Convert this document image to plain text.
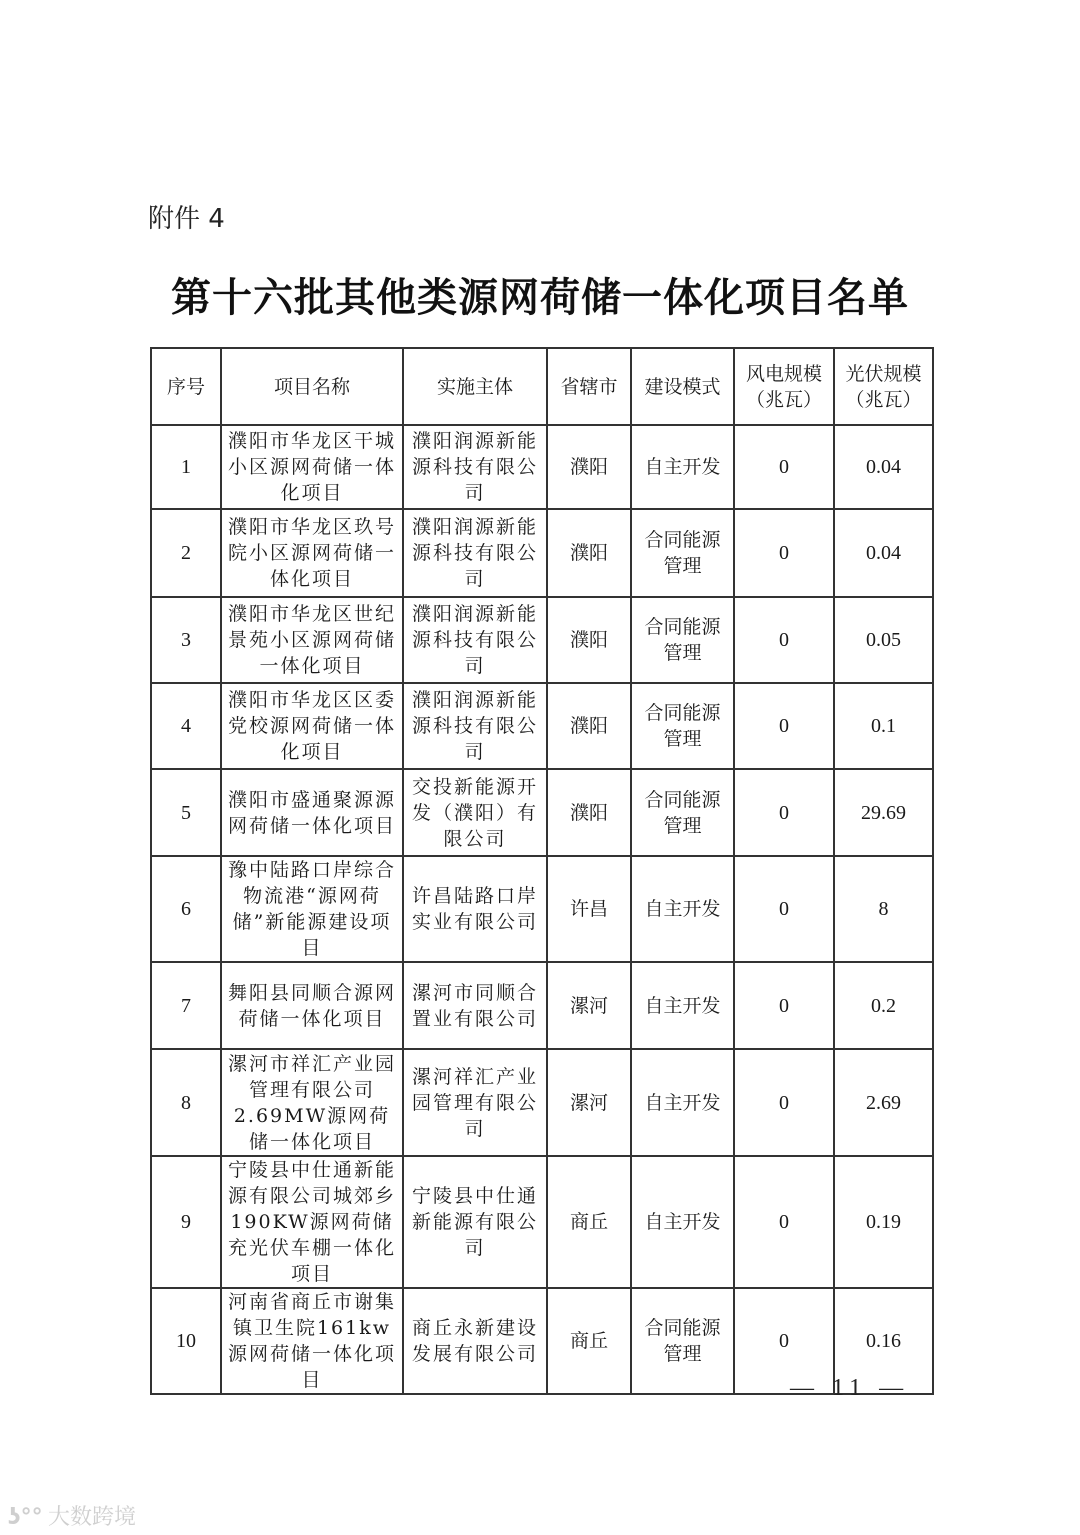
附件 4
第十六批其他类源网荷储一体化项目名单
序号	项目名称	实施主体	省辖市	建设模式	风电规模（兆瓦）	光伏规模（兆瓦）
1	濮阳市华龙区干城小区源网荷储一体化项目	濮阳润源新能源科技有限公司	濮阳	自主开发	0	0.04
2	濮阳市华龙区玖号院小区源网荷储一体化项目	濮阳润源新能源科技有限公司	濮阳	合同能源管理	0	0.04
3	濮阳市华龙区世纪景苑小区源网荷储一体化项目	濮阳润源新能源科技有限公司	濮阳	合同能源管理	0	0.05
4	濮阳市华龙区区委党校源网荷储一体化项目	濮阳润源新能源科技有限公司	濮阳	合同能源管理	0	0.1
5	濮阳市盛通聚源源网荷储一体化项目	交投新能源开发（濮阳）有限公司	濮阳	合同能源管理	0	29.69
6	豫中陆路口岸综合物流港“源网荷储”新能源建设项目	许昌陆路口岸实业有限公司	许昌	自主开发	0	8
7	舞阳县同顺合源网荷储一体化项目	漯河市同顺合置业有限公司	漯河	自主开发	0	0.2
8	漯河市祥汇产业园管理有限公司2.69MW源网荷储一体化项目	漯河祥汇产业园管理有限公司	漯河	自主开发	0	2.69
9	宁陵县中仕通新能源有限公司城郊乡190KW源网荷储充光伏车棚一体化项目	宁陵县中仕通新能源有限公司	商丘	自主开发	0	0.19
10	河南省商丘市谢集镇卫生院161kw源网荷储一体化项目	商丘永新建设发展有限公司	商丘	合同能源管理	0	0.16
— 11 —
ʖ°° 大数跨境
